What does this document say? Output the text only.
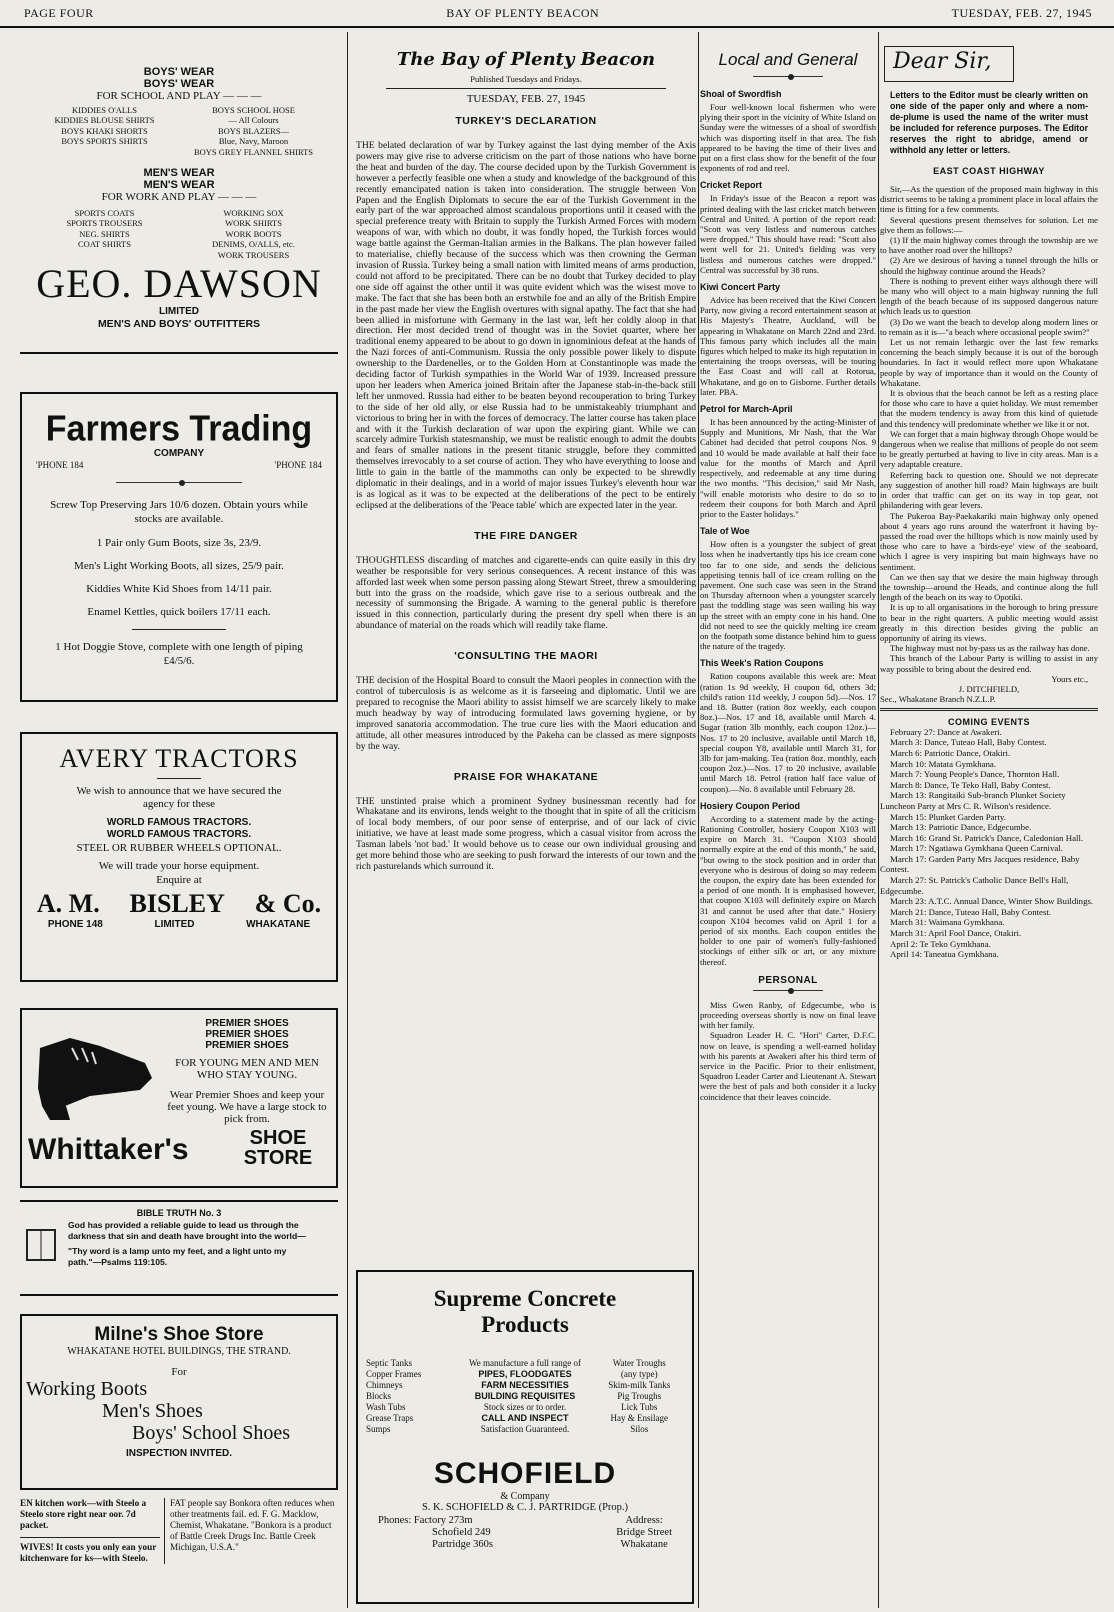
PAGE FOUR	BAY OF PLENTY BEACON	TUESDAY, FEB. 27, 1945
BOYS' WEAR
BOYS' WEAR
FOR SCHOOL AND PLAY — — —
KIDDIES O'ALLS
KIDDIES BLOUSE SHIRTS
BOYS KHAKI SHORTS
BOYS SPORTS SHIRTS
BOYS SCHOOL HOSE
— All Colours
BOYS BLAZERS—
Blue, Navy, Maroon
BOYS GREY FLANNEL SHIRTS
MEN'S WEAR
MEN'S WEAR
FOR WORK AND PLAY — — —
SPORTS COATS
SPORTS TROUSERS
NEG. SHIRTS
COAT SHIRTS
WORKING SOX
WORK SHIRTS
WORK BOOTS
DENIMS, O/ALLS, etc.
WORK TROUSERS
GEO. DAWSON
LIMITED
MEN'S AND BOYS' OUTFITTERS
Farmers Trading
COMPANY
'PHONE 184	'PHONE 184
Screw Top Preserving Jars 10/6 dozen. Obtain yours while stocks are available.
1 Pair only Gum Boots, size 3s, 23/9.
Men's Light Working Boots, all sizes, 25/9 pair.
Kiddies White Kid Shoes from 14/11 pair.
Enamel Kettles, quick boilers 17/11 each.
1 Hot Doggie Stove, complete with one length of piping £4/5/6.
AVERY TRACTORS
We wish to announce that we have secured the agency for these
WORLD FAMOUS TRACTORS.
WORLD FAMOUS TRACTORS.
STEEL OR RUBBER WHEELS OPTIONAL.
We will trade your horse equipment.
Enquire at
A. M. BISLEY & Co.
PHONE 148	LIMITED	WHAKATANE
PREMIER SHOES
PREMIER SHOES
PREMIER SHOES
FOR YOUNG MEN AND MEN WHO STAY YOUNG.
Wear Premier Shoes and keep your feet young. We have a large stock to pick from.
Whittaker's	SHOE
STORE
BIBLE TRUTH No. 3
God has provided a reliable guide to lead us through the darkness that sin and death have brought into the world—
"Thy word is a lamp unto my feet, and a light unto my path."—Psalms 119:105.
Milne's Shoe Store
WHAKATANE HOTEL BUILDINGS, THE STRAND.
For
Working Boots
Men's Shoes
Boys' School Shoes
INSPECTION INVITED.
EN kitchen work—with Steelo a Steelo store right near oor. 7d packet.
WIVES! It costs you only ean your kitchenware for ks—with Steelo.
FAT people say Bonkora often reduces when other treatments fail. ed. F. G. Macklow, Chemist, Whakatane. "Bonkora is a product of Battle Creek Drugs Inc. Battle Creek Michigan, U.S.A."
The Bay of Plenty Beacon
Published Tuesdays and Fridays.
TUESDAY, FEB. 27, 1945
TURKEY'S DECLARATION
THE belated declaration of war by Turkey against the last dying member of the Axis powers may give rise to adverse criticism on the part of those nations who have borne the heat and burden of the day. The course decided upon by the Turkish Government is however a perfectly feasible one when a study and knowledge of the background of this recently emancipated nation is taken into consideration. The struggle between Von Papen and the English Diplomats to secure the ear of the Turkish Government in the early part of the war approached almost scandalous proportions until it ceased with the special preference treaty with Britain to supply the Turkish Armed Forces with modern weapons of war, with which no doubt, it was fondly hoped, the Turkish forces would wage battle against the German-Italian armies in the Balkans. The plan however failed to materialise, chiefly because of the success which was then crowning the German invasion of Russia. Turkey being a small nation with limited means of arms production, could not afford to be precipitated. There can be no doubt that Turkey decided to play one side off against the other until it was quite evident which was the wisest move to make. The fact that she has been both an erstwhile foe and an ally of the British Empire in the past made her view the English overtures with signal apathy. The fact that she had been allied in misfortune with Germany in the last war, left her coldly aloop in that direction. Her most decided trend of thought was in the Soviet quarter, where her traditional enemy appeared to be about to go down in ignominious defeat at the hands of the Nazi forces of anti-Communism. Russia the only possible power likely to dispute ownership to the Dardenelles, or to the Golden Horn at Constantinople was made the deciding factor of Turkish sympathies in the World War of 1939. Increased pressure upon her leaders when America joined Britain after the Japanese stab-in-the-back still left her unmoved. Russia had either to be beaten beyond recouperation to bring Turkey to the side of her old ally, or else Russia had to be unmistakeably triumphant and victorious to bring her in with the forces of democracy. The latter course has taken place and with it the Turkish declaration of war upon the expiring giant. While we can scarcely admire Turkish statesmanship, we must be realistic enough to admit the doubts and fears of smaller nations in the present titanic struggle, before they committed themselves irrevocably to a set course of action. They who have everything to loose and little to gain in the battle of the mammoths can only be expected to be shrewdly diplomatic in their dealings, and in a world of major issues Turkey's eleventh hour war is as logical as it was to be expected at the deliberations of the pect to be entirely eclipsed at the deliberations of the 'Peace table' which are expected later in the year.
THE FIRE DANGER
THOUGHTLESS discarding of matches and cigarette-ends can quite easily in this dry weather be responsible for very serious consequences. A recent instance of this was afforded last week when some person passing along Stewart Street, threw a smouldering butt into the grass on the roadside, which gave rise to a serious outbreak and the necessity of summonsing the Brigade. A warning to the general public is therefore issued in this connection, particularly during the present dry spell when there is an abundance of material on the roads which will readily take flame.
'CONSULTING THE MAORI
THE decision of the Hospital Board to consult the Maori peoples in connection with the control of tuberculosis is as welcome as it is farseeing and diplomatic. Until we are prepared to recognise the Maori ability to assist himself we are scarcely likely to make much headway by way of introducing formulated laws governing hygiene, or by improved sanatoria accommodation. The true cure lies with the Maori education and attitude, all other measures introduced by the Pakeha can be classed as mere signposts by the way.
PRAISE FOR WHAKATANE
THE unstinted praise which a prominent Sydney businessman recently had for Whakatane and its environs, lends weight to the thought that in spite of all the criticism of local body members, of our poor sense of enterprise, and of our lack of civic initiative, we have at least made some progress, which a casual visitor from across the Tasman labels 'not bad.' It would behove us to cease our own individual grousing and get more behind those who are seeking to push forward the interests of our town and the rich pasturelands which surround it.
Supreme Concrete Products
Septic Tanks
Copper Frames
Chimneys
Blocks
Wash Tubs
Grease Traps
Sumps
We manufacture a full range of
PIPES, FLOODGATES
FARM NECESSITIES
BUILDING REQUISITES
Stock sizes or to order.
CALL AND INSPECT
Satisfaction Guaranteed.
Water Troughs
(any type)
Skim-milk Tanks
Pig Troughs
Lick Tubs
Hay & Ensilage
Silos
SCHOFIELD
& Company
S. K. SCHOFIELD & C. J. PARTRIDGE (Prop.)
Phones: Factory 273m
Schofield 249
Partridge 360s
Address:
Bridge Street
Whakatane
Local and General
Shoal of Swordfish
Four well-known local fishermen who were plying their sport in the vicinity of White Island on Sunday were the witnesses of a shoal of swordfish which was disporting itself in that area. The fish appeared to be having the time of their lives and put on a first class show for the benefit of the four exponents of rod and reel.
Cricket Report
In Friday's issue of the Beacon a report was printed dealing with the last cricket match between Central and United. A portion of the report read: "Scott was very listless and numerous catches were dropped." This should have read: "Scott also went well for 21. United's fielding was very listless and numerous catches were dropped." Central was successful by 38 runs.
Kiwi Concert Party
Advice has been received that the Kiwi Concert Party, now giving a record entertainment season at His Majesty's Theatre, Auckland, will be appearing in Whakatane on March 22nd and 23rd. This famous party which includes all the main figures which helped to make its high reputation in entertaining the troops overseas, will be touring the East Coast and will call at Rotorua, Whakatane, and go on to Gisborne. Further details later. PBA.
Petrol for March-April
It has been announced by the acting-Minister of Supply and Munitions, Mr Nash, that the War Cabinet had decided that petrol coupons Nos. 9 and 10 would be made available at half their face value for the months of March and April respectively, and redeemable at any time during the two months. "This decision," said Mr Nash, "will enable motorists who desire to do so to redeem their coupons for both March and April prior to the Easter holidays."
Tale of Woe
How often is a youngster the subject of great loss when he inadvertantly tips his ice cream cone too far to one side, and sends the delicious appetising tennis ball of ice cream rolling on the pavement. One such case was seen in the Strand on Thursday afternoon when a youngster scarcely past the toddling stage was seen wailing his way up the street with an empty cone in his hand. One did not need to see the quickly melting ice cream on the footpath some distance behind him to guess the nature of the tragedy.
This Week's Ration Coupons
Ration coupons available this week are: Meat (ration 1s 9d weekly, H coupon 6d, others 3d; child's ration 11d weekly, J coupon 5d).—Nos. 17 and 18. Butter (ration 8oz weekly, each coupon 8oz.)—Nos. 17 and 18, available until March 4. Sugar (ration 3lb monthly, each coupon 12oz.)—Nos. 17 to 20 inclusive, available until March 18, special coupon Y8, available until March 31, for 3lb for jam-making. Tea (ration 8oz. monthly, each coupon 2oz.)—Nos. 17 to 20 inclusive, available until March 18. Petrol (ration half face value of coupon).—No. 8 available until February 28.
Hosiery Coupon Period
According to a statement made by the acting-Rationing Controller, hosiery Coupon X103 will expire on March 31. "Coupon X103 should normally expire at the end of this month," he said, "but owing to the stock position and in order that everyone who is desirous of doing so may redeem the coupon, the expiry date has been extended for a period of one month. It is emphasised however, that coupon X103 will definitely expire on March 31 and cannot be used after that date." Hosiery coupon X104 becomes valid on April 1 for a period of six months. Each coupon entitles the holder to one pair of women's fully-fashioned stockings of either silk or art, or any mixture thereof.
PERSONAL
Miss Gwen Ranby, of Edgecumbe, who is proceeding overseas shortly is now on final leave with her family.
Squadron Leader H. C. "Hori" Carter, D.F.C. now on leave, is spending a well-earned holiday with his parents at Awakeri after his third term of service in the Pacific. Prior to their enlistment, Squadron Leader Carter and Lieutenant A. Stewart were the best of pals and both consider it a lucky coincidence that their leaves coincide.
Dear Sir,
Letters to the Editor must be clearly written on one side of the paper only and where a nom-de-plume is used the name of the writer must be included for reference purposes. The Editor reserves the right to abridge, amend or withhold any letter or letters.
EAST COAST HIGHWAY
Sir,—As the question of the proposed main highway in this district seems to be taking a prominent place in local affairs the time is fitting for a few comments.
Several questions present themselves for solution. Let me give them as follows:—
(1) If the main highway comes through the township are we to have another road over the hilltops?
(2) Are we desirous of having a tunnel through the hills or should the highway continue around the Heads?
There is nothing to prevent either ways although there will be many who will object to a main highway running the full length of the beach because of its supposed dangerous nature which leads us to question
(3) Do we want the beach to develop along modern lines or to remain as it is—"a beach where occasional people swim?"
Let us not remain lethargic over the last few remarks concerning the beach simply because it is out of the borough boundaries. In fact it would reflect more upon Whakatane people by way of importance than it would on the County of Whakatane.
It is obvious that the beach cannot be left as a resting place for those who care to have a quiet holiday. We must remember that the modern tendency is away from this kind of quietude and this tendency will predominate whether we like it or not.
We can forget that a main highway through Ohope would be dangerous when we realise that millions of people do not seem to be greatly perturbed at having to live in city areas. Man is a very adaptable creature.
Referring back to question one. Should we not deprecate any suggestion of another hill road? Main highways are built in order that traffic can get on its way in top gear, not philandering with gear levers.
The Pukeroa Bay-Paekakariki main highway only opened about 4 years ago runs around the waterfront it having by-passed the road over the hilltops which is now mainly used by those who care to have a 'birds-eye' view of the seaboard, which I agree is very inspiring but main highways have no sentiment.
Can we then say that we desire the main highway through the township—around the Heads, and continue along the full length of the beach on its way to Opotiki.
It is up to all organisations in the borough to bring pressure to bear in the right quarters. A public meeting would assist greatly in this direction besides giving the public an opportunity of airing its views.
The highway must not by-pass us as the railway has done.
This branch of the Labour Party is willing to assist in any way possible to bring about the desired end.
Yours etc.,
J. DITCHFIELD,
Sec., Whakatane Branch N.Z.L.P.
COMING EVENTS
February 27: Dance at Awakeri.
March 3: Dance, Tuteao Hall, Baby Contest.
March 6: Patriotic Dance, Otakiri.
March 10: Matata Gymkhana.
March 7: Young People's Dance, Thornton Hall.
March 8: Dance, Te Teko Hall, Baby Contest.
March 13: Rangitaiki Sub-branch Plunket Society Luncheon Party at Mrs C. R. Wilson's residence.
March 15: Plunket Garden Party.
March 13: Patriotic Dance, Edgecumbe.
March 16: Grand St. Patrick's Dance, Caledonian Hall.
March 17: Ngatiawa Gymkhana Queen Carnival.
March 17: Garden Party Mrs Jacques residence, Baby Contest.
March 27: St. Patrick's Catholic Dance Bell's Hall, Edgecumbe.
March 23: A.T.C. Annual Dance, Winter Show Buildings.
March 21: Dance, Tuteao Hall, Baby Contest.
March 31: Waimana Gymkhana.
March 31: April Fool Dance, Otakiri.
April 2: Te Teko Gymkhana.
April 14: Taneatua Gymkhana.
